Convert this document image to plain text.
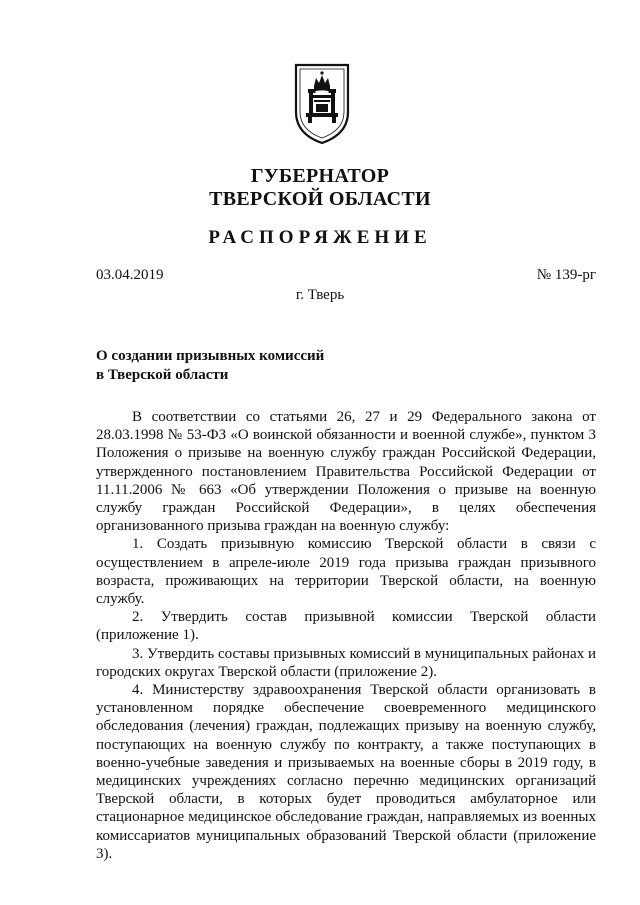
ГУБЕРНАТОР
ТВЕРСКОЙ ОБЛАСТИ
РАСПОРЯЖЕНИЕ
03.04.2019	№ 139-рг
г. Тверь
О создании призывных комиссий
в Тверской области

В соответствии со статьями 26, 27 и 29 Федерального закона от 28.03.1998 № 53-ФЗ «О воинской обязанности и военной службе», пунктом 3 Положения о призыве на военную службу граждан Российской Федерации, утвержденного постановлением Правительства Российской Федерации от 11.11.2006 № 663 «Об утверждении Положения о призыве на военную службу граждан Российской Федерации», в целях обеспечения организованного призыва граждан на военную службу:

1. Создать призывную комиссию Тверской области в связи с осуществлением в апреле-июле 2019 года призыва граждан призывного возраста, проживающих на территории Тверской области, на военную службу.

2. Утвердить состав призывной комиссии Тверской области (приложение 1).

3. Утвердить составы призывных комиссий в муниципальных районах и городских округах Тверской области (приложение 2).

4. Министерству здравоохранения Тверской области организовать в установленном порядке обеспечение своевременного медицинского обследования (лечения) граждан, подлежащих призыву на военную службу, поступающих на военную службу по контракту, а также поступающих в военно-учебные заведения и призываемых на военные сборы в 2019 году, в медицинских учреждениях согласно перечню медицинских организаций Тверской области, в которых будет проводиться амбулаторное или стационарное медицинское обследование граждан, направляемых из военных комиссариатов муниципальных образований Тверской области (приложение 3).
